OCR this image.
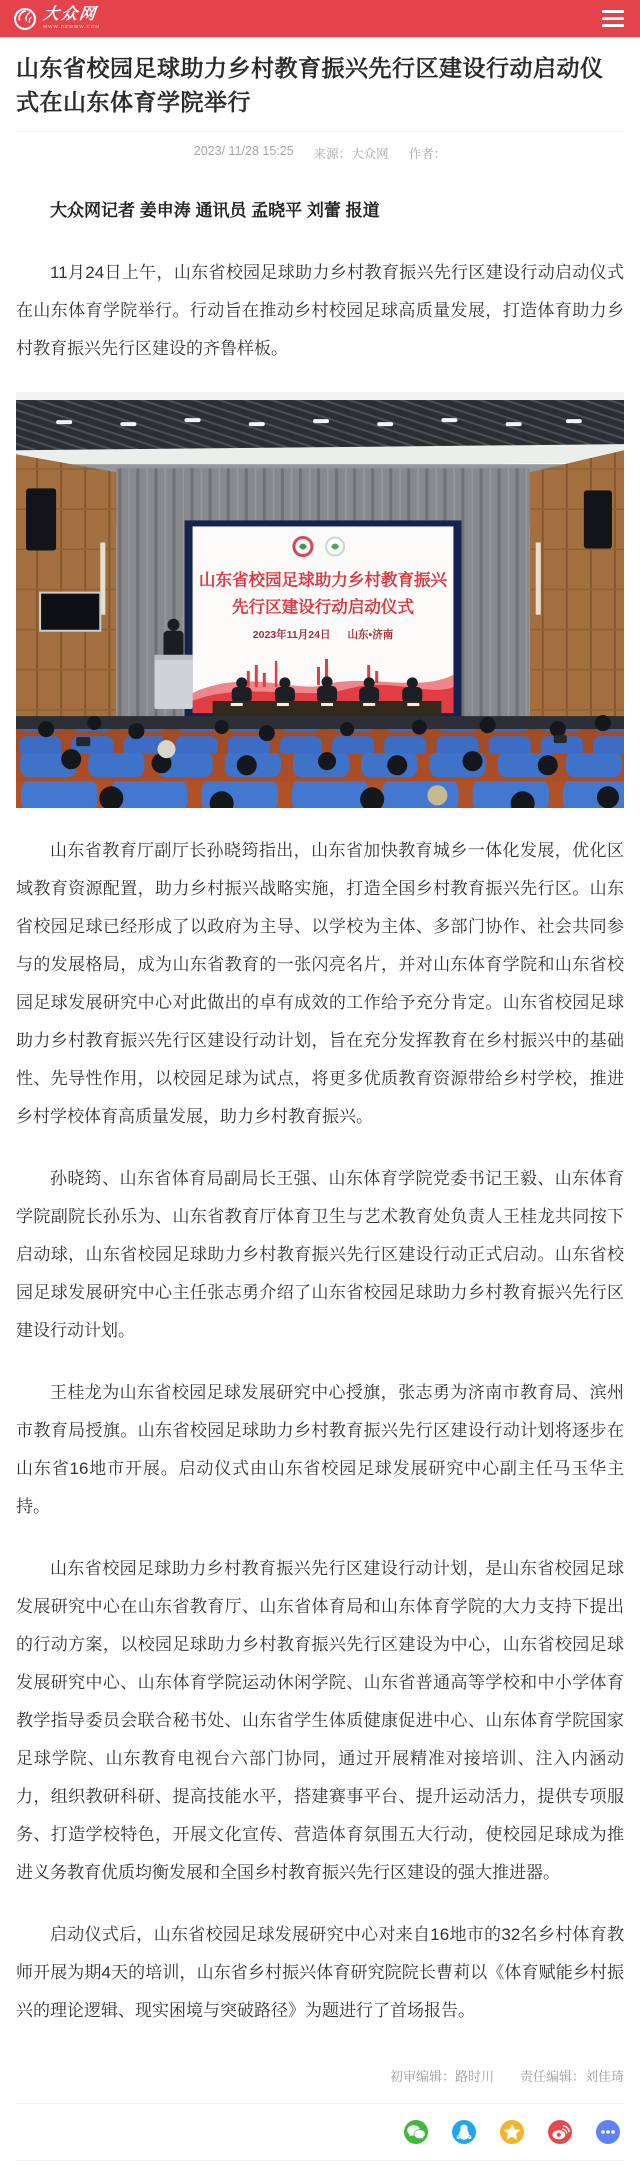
大众网
WWW.DZWWW.COM
山东省校园足球助力乡村教育振兴先行区建设行动启动仪式在山东体育学院举行
2023/ 11/28 15:25 来源：大众网 作者：
大众网记者 姜申涛 通讯员 孟晓平 刘蕾 报道

11月24日上午，山东省校园足球助力乡村教育振兴先行区建设行动启动仪式在山东体育学院举行。行动旨在推动乡村校园足球高质量发展，打造体育助力乡村教育振兴先行区建设的齐鲁样板。

山东省校园足球助力乡村教育振兴
先行区建设行动启动仪式
2023年11月24日 山东•济南

山东省教育厅副厅长孙晓筠指出，山东省加快教育城乡一体化发展，优化区域教育资源配置，助力乡村振兴战略实施，打造全国乡村教育振兴先行区。山东省校园足球已经形成了以政府为主导、以学校为主体、多部门协作、社会共同参与的发展格局，成为山东省教育的一张闪亮名片，并对山东体育学院和山东省校园足球发展研究中心对此做出的卓有成效的工作给予充分肯定。山东省校园足球助力乡村教育振兴先行区建设行动计划，旨在充分发挥教育在乡村振兴中的基础性、先导性作用，以校园足球为试点，将更多优质教育资源带给乡村学校，推进乡村学校体育高质量发展，助力乡村教育振兴。

孙晓筠、山东省体育局副局长王强、山东体育学院党委书记王毅、山东体育学院副院长孙乐为、山东省教育厅体育卫生与艺术教育处负责人王桂龙共同按下启动球，山东省校园足球助力乡村教育振兴先行区建设行动正式启动。山东省校园足球发展研究中心主任张志勇介绍了山东省校园足球助力乡村教育振兴先行区建设行动计划。

王桂龙为山东省校园足球发展研究中心授旗，张志勇为济南市教育局、滨州市教育局授旗。山东省校园足球助力乡村教育振兴先行区建设行动计划将逐步在山东省16地市开展。启动仪式由山东省校园足球发展研究中心副主任马玉华主持。

山东省校园足球助力乡村教育振兴先行区建设行动计划，是山东省校园足球发展研究中心在山东省教育厅、山东省体育局和山东体育学院的大力支持下提出的行动方案，以校园足球助力乡村教育振兴先行区建设为中心，山东省校园足球发展研究中心、山东体育学院运动休闲学院、山东省普通高等学校和中小学体育教学指导委员会联合秘书处、山东省学生体质健康促进中心、山东体育学院国家足球学院、山东教育电视台六部门协同，通过开展精准对接培训、注入内涵动力，组织教研科研、提高技能水平，搭建赛事平台、提升运动活力，提供专项服务、打造学校特色，开展文化宣传、营造体育氛围五大行动，使校园足球成为推进义务教育优质均衡发展和全国乡村教育振兴先行区建设的强大推进器。

启动仪式后，山东省校园足球发展研究中心对来自16地市的32名乡村体育教师开展为期4天的培训，山东省乡村振兴体育研究院院长曹莉以《体育赋能乡村振兴的理论逻辑、现实困境与突破路径》为题进行了首场报告。

初审编辑：路时川 责任编辑：刘佳琦
